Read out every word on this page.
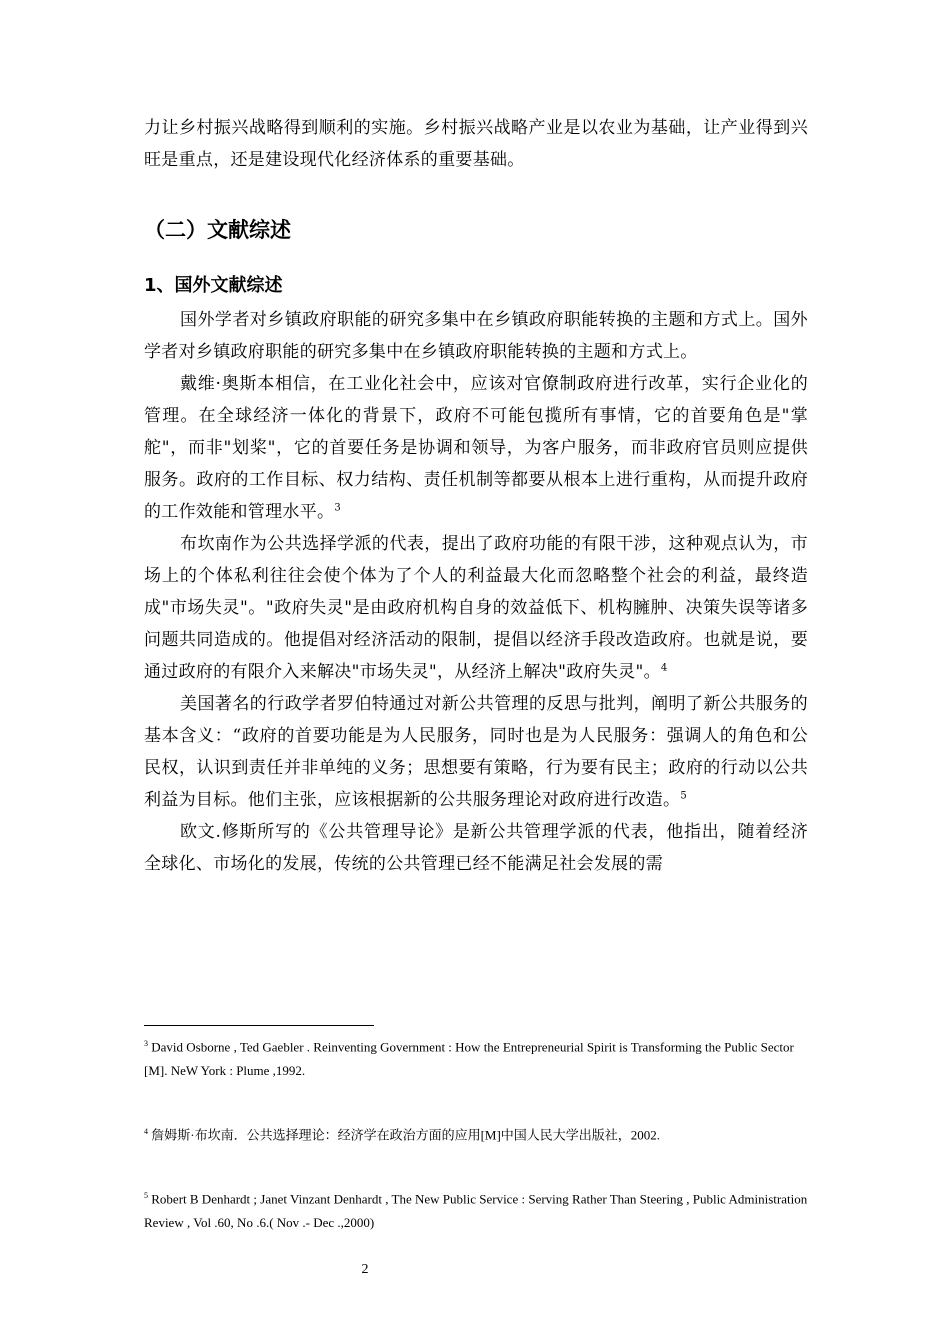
力让乡村振兴战略得到顺利的实施。乡村振兴战略产业是以农业为基础，让产业得到兴旺是重点，还是建设现代化经济体系的重要基础。

（二）文献综述
1、国外文献综述

国外学者对乡镇政府职能的研究多集中在乡镇政府职能转换的主题和方式上。国外学者对乡镇政府职能的研究多集中在乡镇政府职能转换的主题和方式上。

戴维·奥斯本相信，在工业化社会中，应该对官僚制政府进行改革，实行企业化的管理。在全球经济一体化的背景下，政府不可能包揽所有事情，它的首要角色是"掌舵"，而非"划桨"，它的首要任务是协调和领导，为客户服务，而非政府官员则应提供服务。政府的工作目标、权力结构、责任机制等都要从根本上进行重构，从而提升政府的工作效能和管理水平。$^3$

布坎南作为公共选择学派的代表，提出了政府功能的有限干涉，这种观点认为，市场上的个体私利往往会使个体为了个人的利益最大化而忽略整个社会的利益，最终造成"市场失灵"。"政府失灵"是由政府机构自身的效益低下、机构臃肿、决策失误等诸多问题共同造成的。他提倡对经济活动的限制，提倡以经济手段改造政府。也就是说，要通过政府的有限介入来解决"市场失灵"，从经济上解决"政府失灵"。$^4$

美国著名的行政学者罗伯特通过对新公共管理的反思与批判，阐明了新公共服务的基本含义：“政府的首要功能是为人民服务，同时也是为人民服务：强调人的角色和公民权，认识到责任并非单纯的义务；思想要有策略，行为要有民主；政府的行动以公共利益为目标。他们主张，应该根据新的公共服务理论对政府进行改造。$^5$

欧文.修斯所写的《公共管理导论》是新公共管理学派的代表，他指出，随着经济全球化、市场化的发展，传统的公共管理已经不能满足社会发展的需

$^3$ David Osborne , Ted Gaebler . Reinventing Government : How the Entrepreneurial Spirit is Transforming the Public Sector [M]. NeW York : Plume ,1992.
$^4$ 詹姆斯·布坎南．公共选择理论：经济学在政治方面的应用[M]中国人民大学出版社，2002.
$^5$ Robert B Denhardt ; Janet Vinzant Denhardt , The New Public Service : Serving Rather Than Steering , Public Administration Review , Vol .60, No .6.( Nov .- Dec .,2000)
2
